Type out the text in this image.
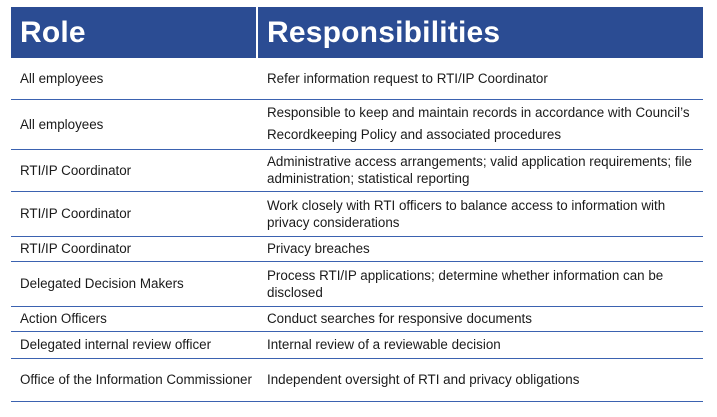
Role	Responsibilities
All employees	Refer information request to RTI/IP Coordinator
All employees	Responsible to keep and maintain records in accordance with Council’s Recordkeeping Policy and associated procedures
RTI/IP Coordinator	Administrative access arrangements; valid application requirements; file administration; statistical reporting
RTI/IP Coordinator	Work closely with RTI officers to balance access to information with privacy considerations
RTI/IP Coordinator	Privacy breaches
Delegated Decision Makers	Process RTI/IP applications; determine whether information can be disclosed
Action Officers	Conduct searches for responsive documents
Delegated internal review officer	Internal review of a reviewable decision
Office of the Information Commissioner	Independent oversight of RTI and privacy obligations
